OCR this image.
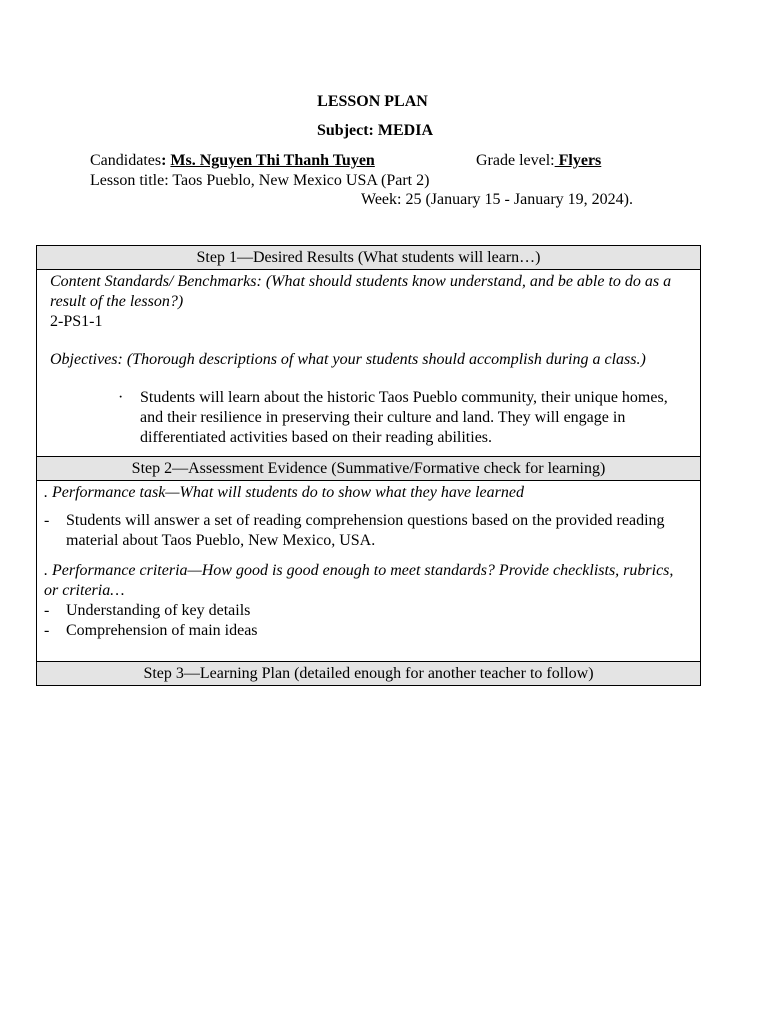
LESSON PLAN
Subject: MEDIA
Candidates: Ms. Nguyen Thi Thanh Tuyen	Grade level: Flyers
Lesson title: Taos Pueblo, New Mexico USA (Part 2)
Week: 25 (January 15 - January 19, 2024).
Step 1—Desired Results (What students will learn…)

Content Standards/ Benchmarks: (What should students know understand, and be able to do as a result of the lesson?)
2-PS1-1
Objectives: (Thorough descriptions of what your students should accomplish during a class.)
· Students will learn about the historic Taos Pueblo community, their unique homes, and their resilience in preserving their culture and land. They will engage in differentiated activities based on their reading abilities.

Step 2—Assessment Evidence (Summative/Formative check for learning)

. Performance task—What will students do to show what they have learned
- Students will answer a set of reading comprehension questions based on the provided reading material about Taos Pueblo, New Mexico, USA.
. Performance criteria—How good is good enough to meet standards? Provide checklists, rubrics, or criteria…
- Understanding of key details
- Comprehension of main ideas

Step 3—Learning Plan (detailed enough for another teacher to follow)
